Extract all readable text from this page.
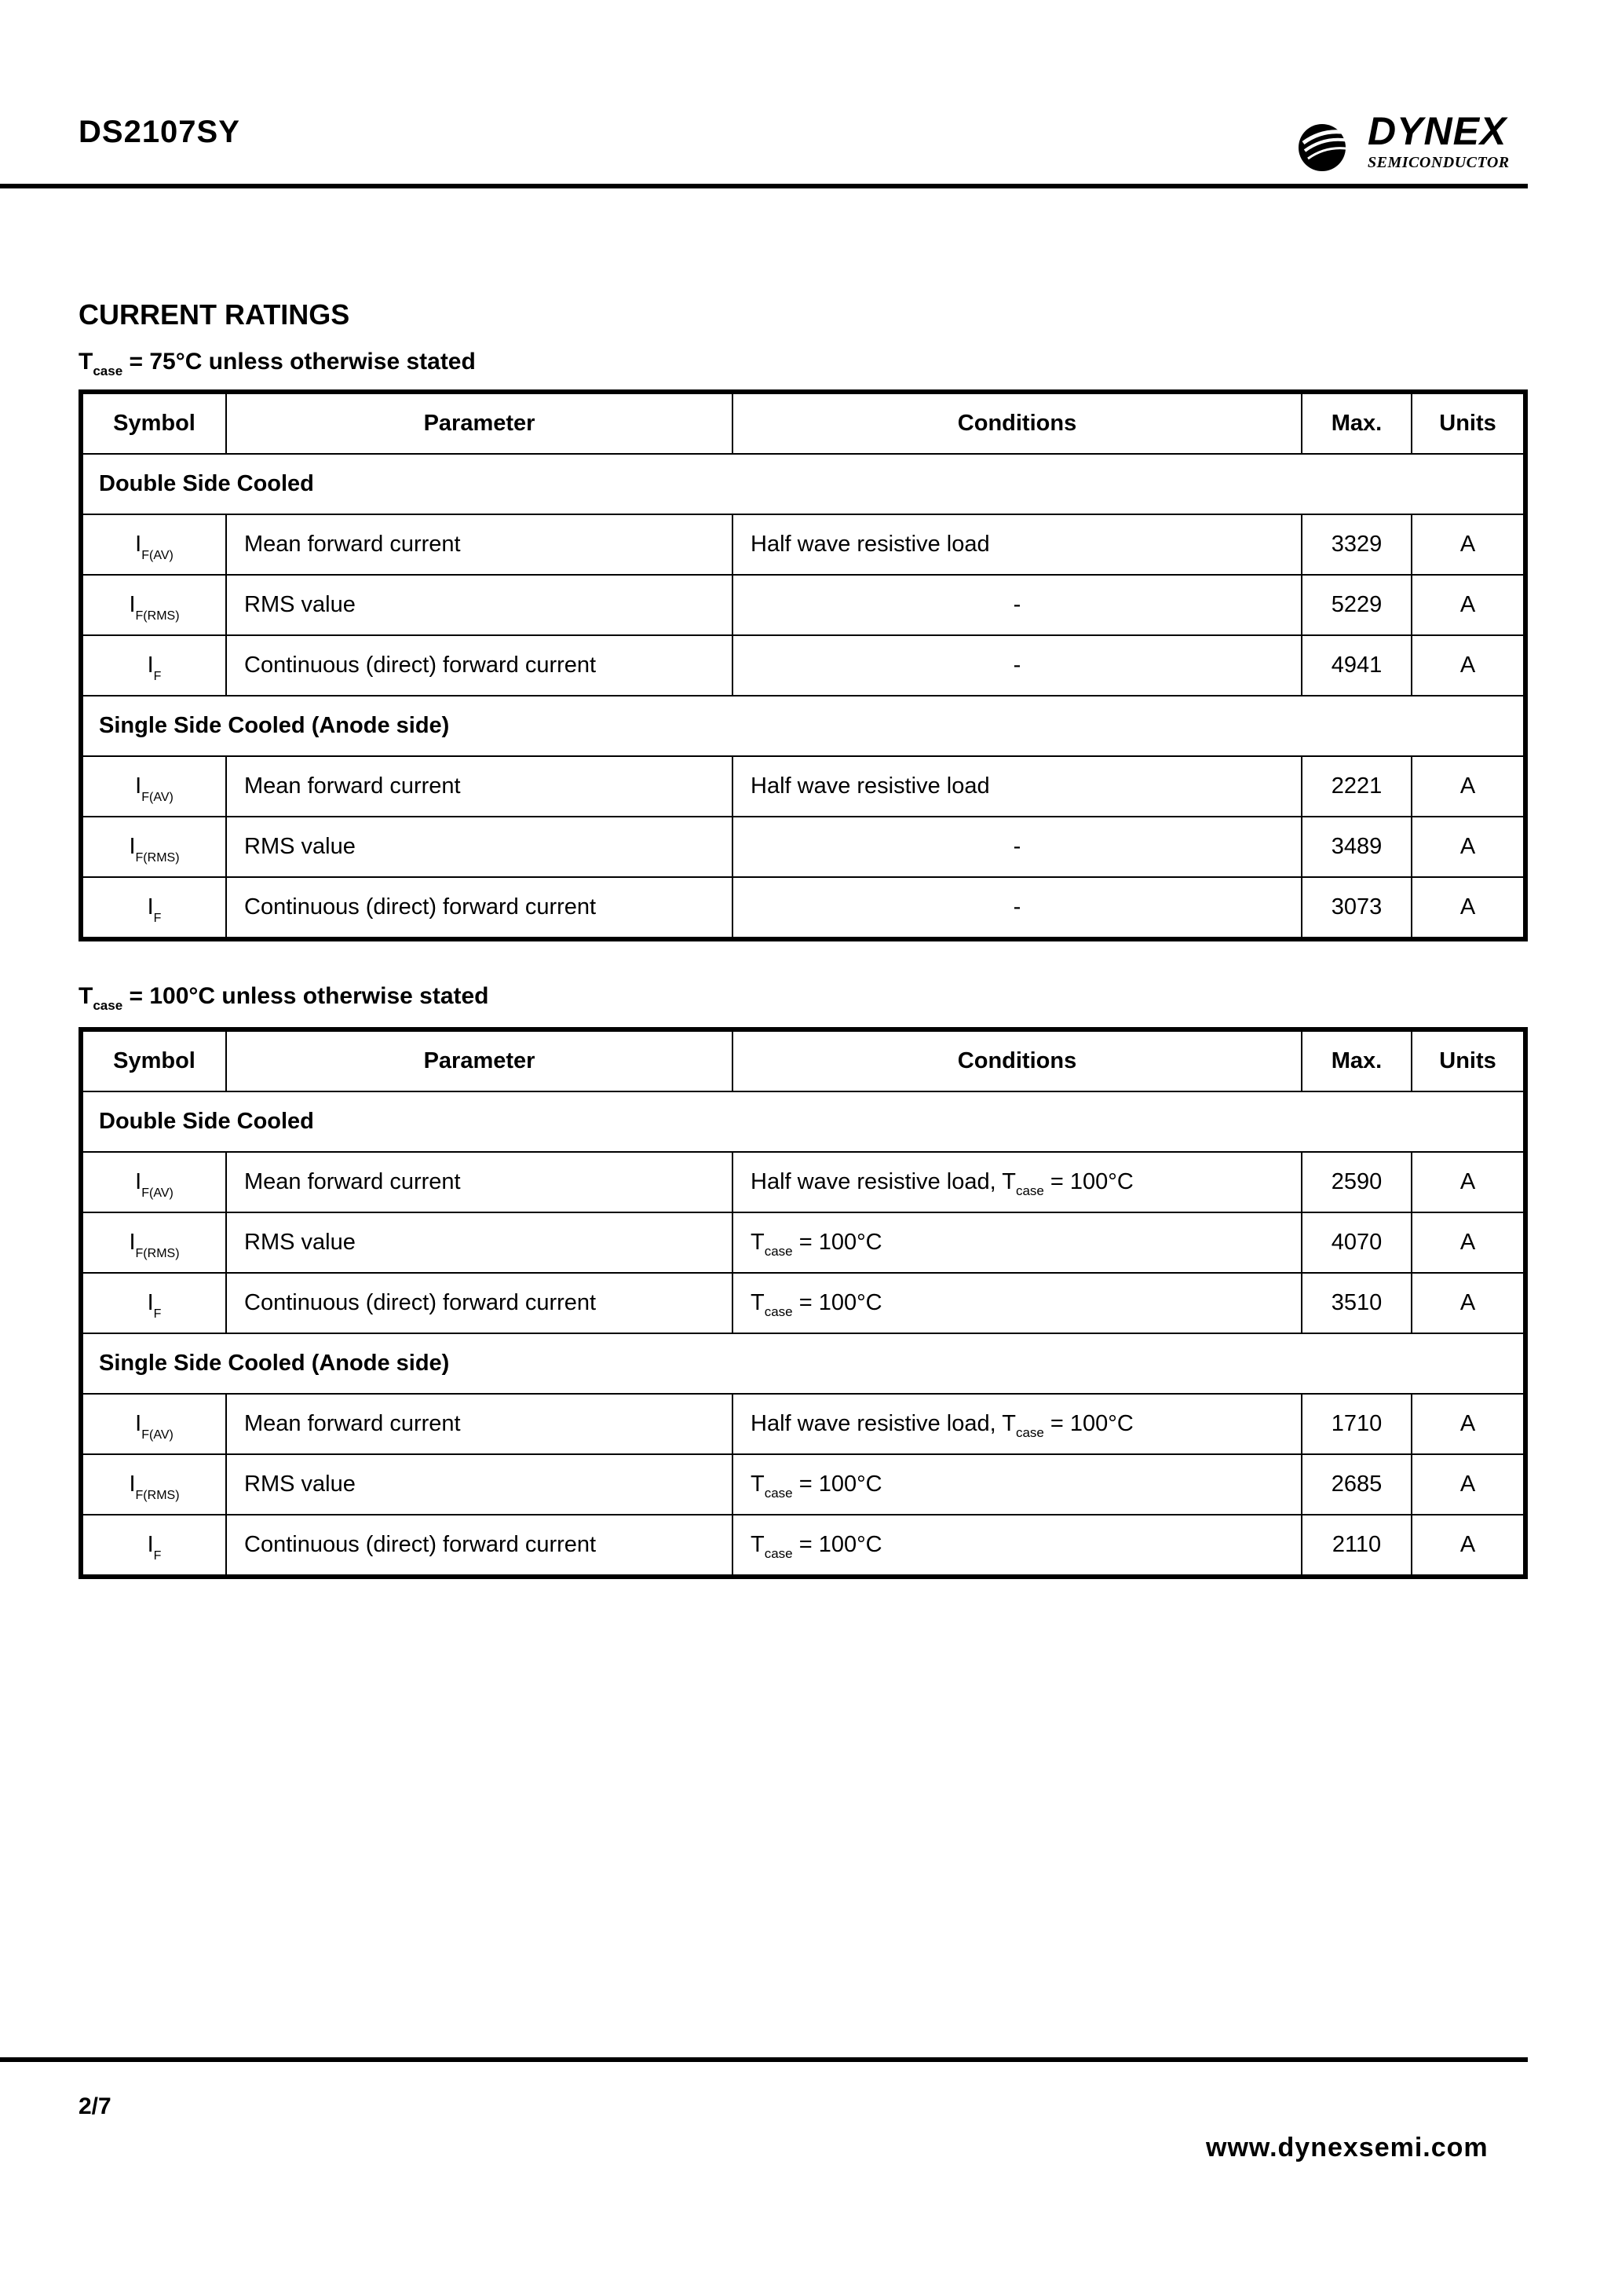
DS2107SY	DYNEX
SEMICONDUCTOR
CURRENT RATINGS
$T_{case} = 75^\circ C$ unless otherwise stated
Symbol	Parameter	Conditions	Max.	Units
Double Side Cooled				
$I_{F(AV)}$	Mean forward current	Half wave resistive load	3329	A
$I_{F(RMS)}$	RMS value	-	5229	A
$I_F$	Continuous (direct) forward current	-	4941	A
Single Side Cooled (Anode side)				
$I_{F(AV)}$	Mean forward current	Half wave resistive load	2221	A
$I_{F(RMS)}$	RMS value	-	3489	A
$I_F$	Continuous (direct) forward current	-	3073	A
$T_{case} = 100^\circ C$ unless otherwise stated
Symbol	Parameter	Conditions	Max.	Units
Double Side Cooled				
$I_{F(AV)}$	Mean forward current	Half wave resistive load, $T_{case} = 100^\circ C$	2590	A
$I_{F(RMS)}$	RMS value	$T_{case} = 100^\circ C$	4070	A
$I_F$	Continuous (direct) forward current	$T_{case} = 100^\circ C$	3510	A
Single Side Cooled (Anode side)				
$I_{F(AV)}$	Mean forward current	Half wave resistive load, $T_{case} = 100^\circ C$	1710	A
$I_{F(RMS)}$	RMS value	$T_{case} = 100^\circ C$	2685	A
$I_F$	Continuous (direct) forward current	$T_{case} = 100^\circ C$	2110	A
2/7
www.dynexsemi.com
